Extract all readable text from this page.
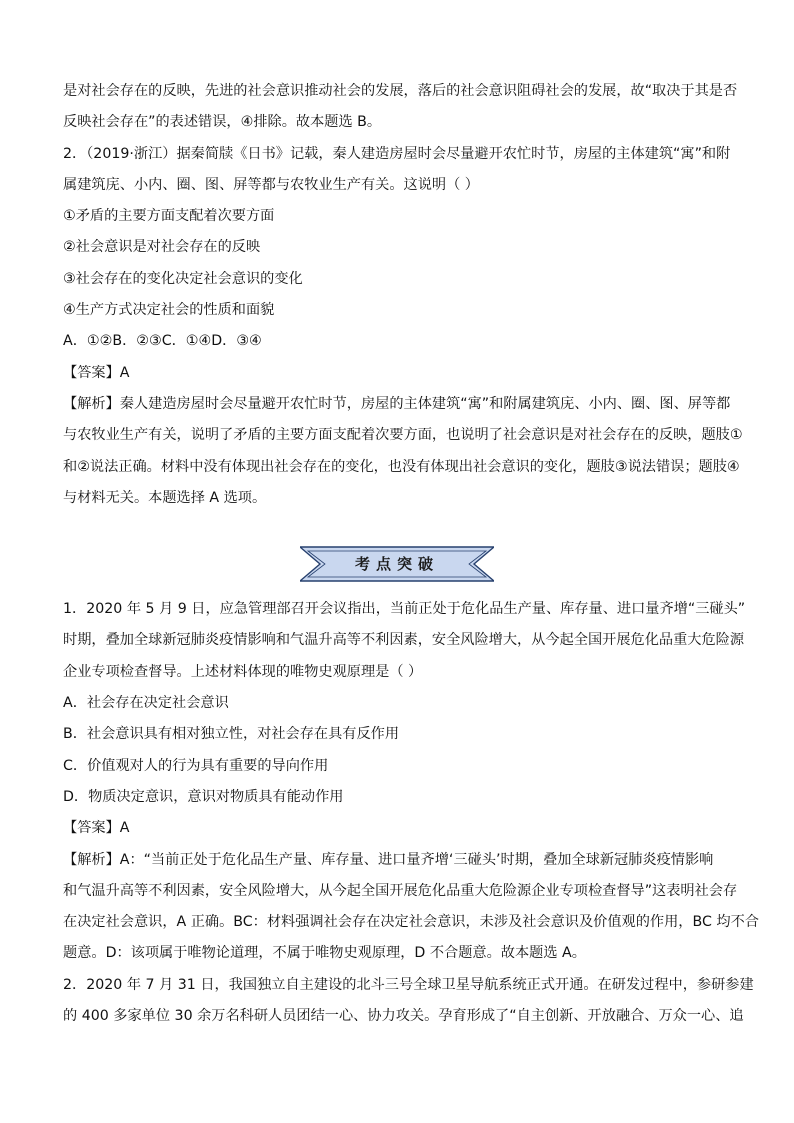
是对社会存在的反映，先进的社会意识推动社会的发展，落后的社会意识阻碍社会的发展，故“取决于其是否
反映社会存在”的表述错误，④排除。故本题选 B。
2．（2019·浙江）据秦简牍《日书》记载，秦人建造房屋时会尽量避开农忙时节，房屋的主体建筑“寓”和附
属建筑庑、小内、圈、图、屏等都与农牧业生产有关。这说明（ ）
①矛盾的主要方面支配着次要方面
②社会意识是对社会存在的反映
③社会存在的变化决定社会意识的变化
④生产方式决定社会的性质和面貌
A．①②B．②③C．①④D．③④
【答案】A
【解析】秦人建造房屋时会尽量避开农忙时节，房屋的主体建筑“寓”和附属建筑庑、小内、圈、图、屏等都
与农牧业生产有关，说明了矛盾的主要方面支配着次要方面，也说明了社会意识是对社会存在的反映，题肢①
和②说法正确。材料中没有体现出社会存在的变化，也没有体现出社会意识的变化，题肢③说法错误；题肢④
与材料无关。本题选择 A 选项。
1．2020 年 5 月 9 日，应急管理部召开会议指出，当前正处于危化品生产量、库存量、进口量齐增“三碰头”
时期，叠加全球新冠肺炎疫情影响和气温升高等不利因素，安全风险增大，从今起全国开展危化品重大危险源
企业专项检查督导。上述材料体现的唯物史观原理是（ ）
A．社会存在决定社会意识
B．社会意识具有相对独立性，对社会存在具有反作用
C．价值观对人的行为具有重要的导向作用
D．物质决定意识，意识对物质具有能动作用
【答案】A
【解析】A：“当前正处于危化品生产量、库存量、进口量齐增‘三碰头’时期，叠加全球新冠肺炎疫情影响
和气温升高等不利因素，安全风险增大，从今起全国开展危化品重大危险源企业专项检查督导”这表明社会存
在决定社会意识，A 正确。BC：材料强调社会存在决定社会意识，未涉及社会意识及价值观的作用，BC 均不合
题意。D：该项属于唯物论道理，不属于唯物史观原理，D 不合题意。故本题选 A。
2．2020 年 7 月 31 日，我国独立自主建设的北斗三号全球卫星导航系统正式开通。在研发过程中，参研参建
的 400 多家单位 30 余万名科研人员团结一心、协力攻关。孕育形成了“自主创新、开放融合、万众一心、追
考点突破
